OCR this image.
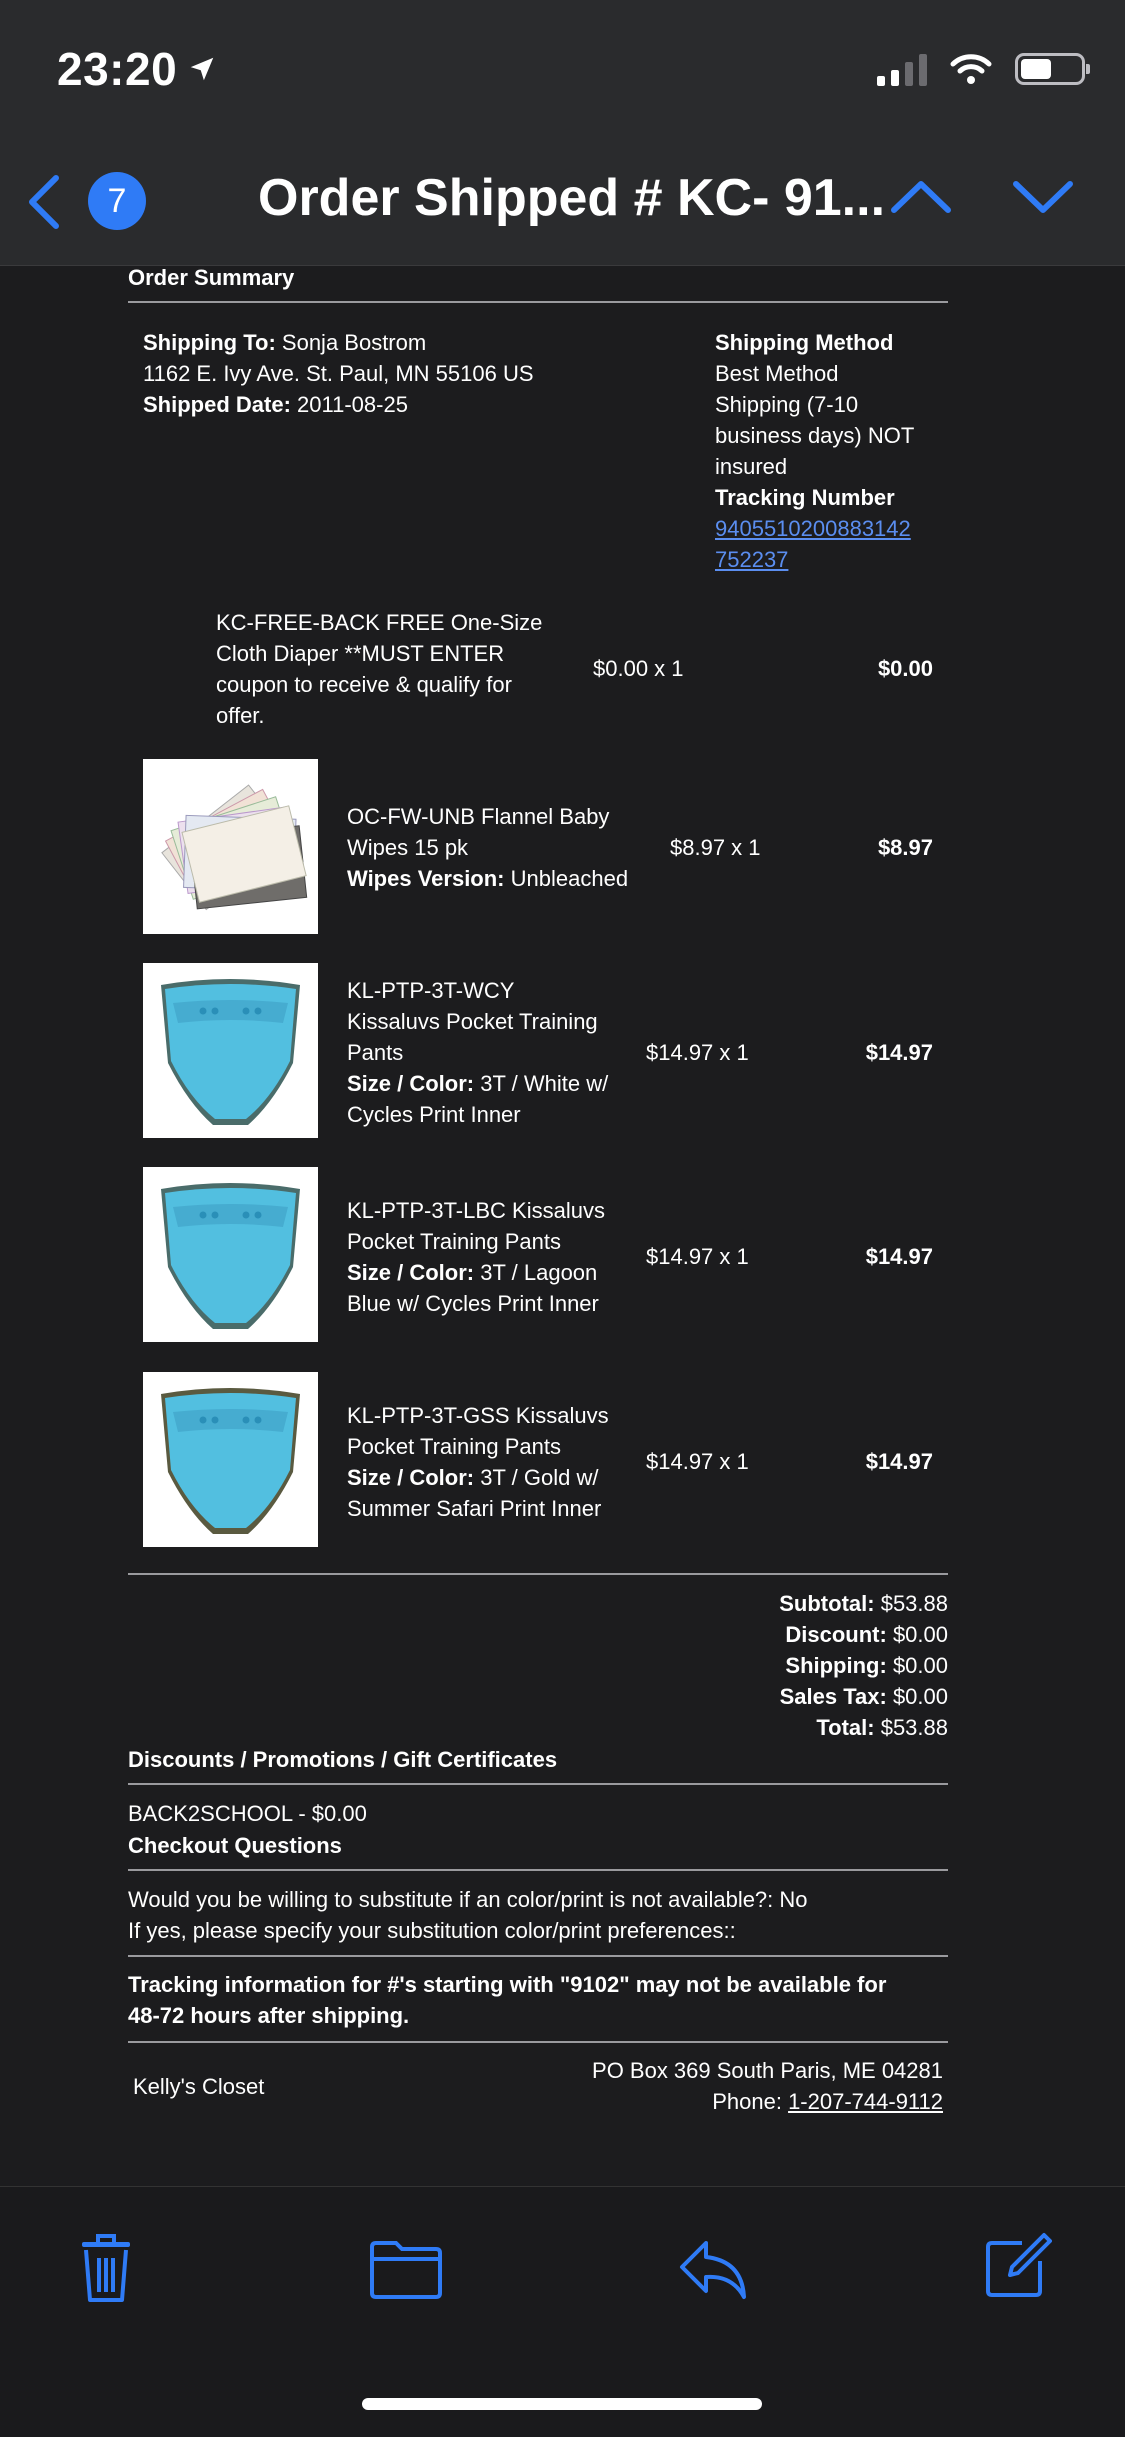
23:20
7	Order Shipped # KC- 91...
Order Summary
Shipping To: Sonja Bostrom
1162 E. Ivy Ave. St. Paul, MN 55106 US
Shipped Date: 2011-08-25
Shipping Method
Best Method
Shipping (7-10
business days) NOT
insured
Tracking Number
9405510200883142
752237
KC-FREE-BACK FREE One-Size
Cloth Diaper **MUST ENTER
coupon to receive & qualify for
offer.
$0.00 x 1	$0.00
OC-FW-UNB Flannel Baby
Wipes 15 pk
Wipes Version: Unbleached
$8.97 x 1	$8.97
KL-PTP-3T-WCY
Kissaluvs Pocket Training
Pants
Size / Color: 3T / White w/
Cycles Print Inner
$14.97 x 1	$14.97
KL-PTP-3T-LBC Kissaluvs
Pocket Training Pants
Size / Color: 3T / Lagoon
Blue w/ Cycles Print Inner
$14.97 x 1	$14.97
KL-PTP-3T-GSS Kissaluvs
Pocket Training Pants
Size / Color: 3T / Gold w/
Summer Safari Print Inner
$14.97 x 1	$14.97
Subtotal: $53.88
Discount: $0.00
Shipping: $0.00
Sales Tax: $0.00
Total: $53.88
Discounts / Promotions / Gift Certificates
BACK2SCHOOL - $0.00
Checkout Questions
Would you be willing to substitute if an color/print is not available?: No
If yes, please specify your substitution color/print preferences::
Tracking information for #'s starting with "9102" may not be available for
48-72 hours after shipping.
Kelly's Closet
PO Box 369 South Paris, ME 04281
Phone: 1-207-744-9112
